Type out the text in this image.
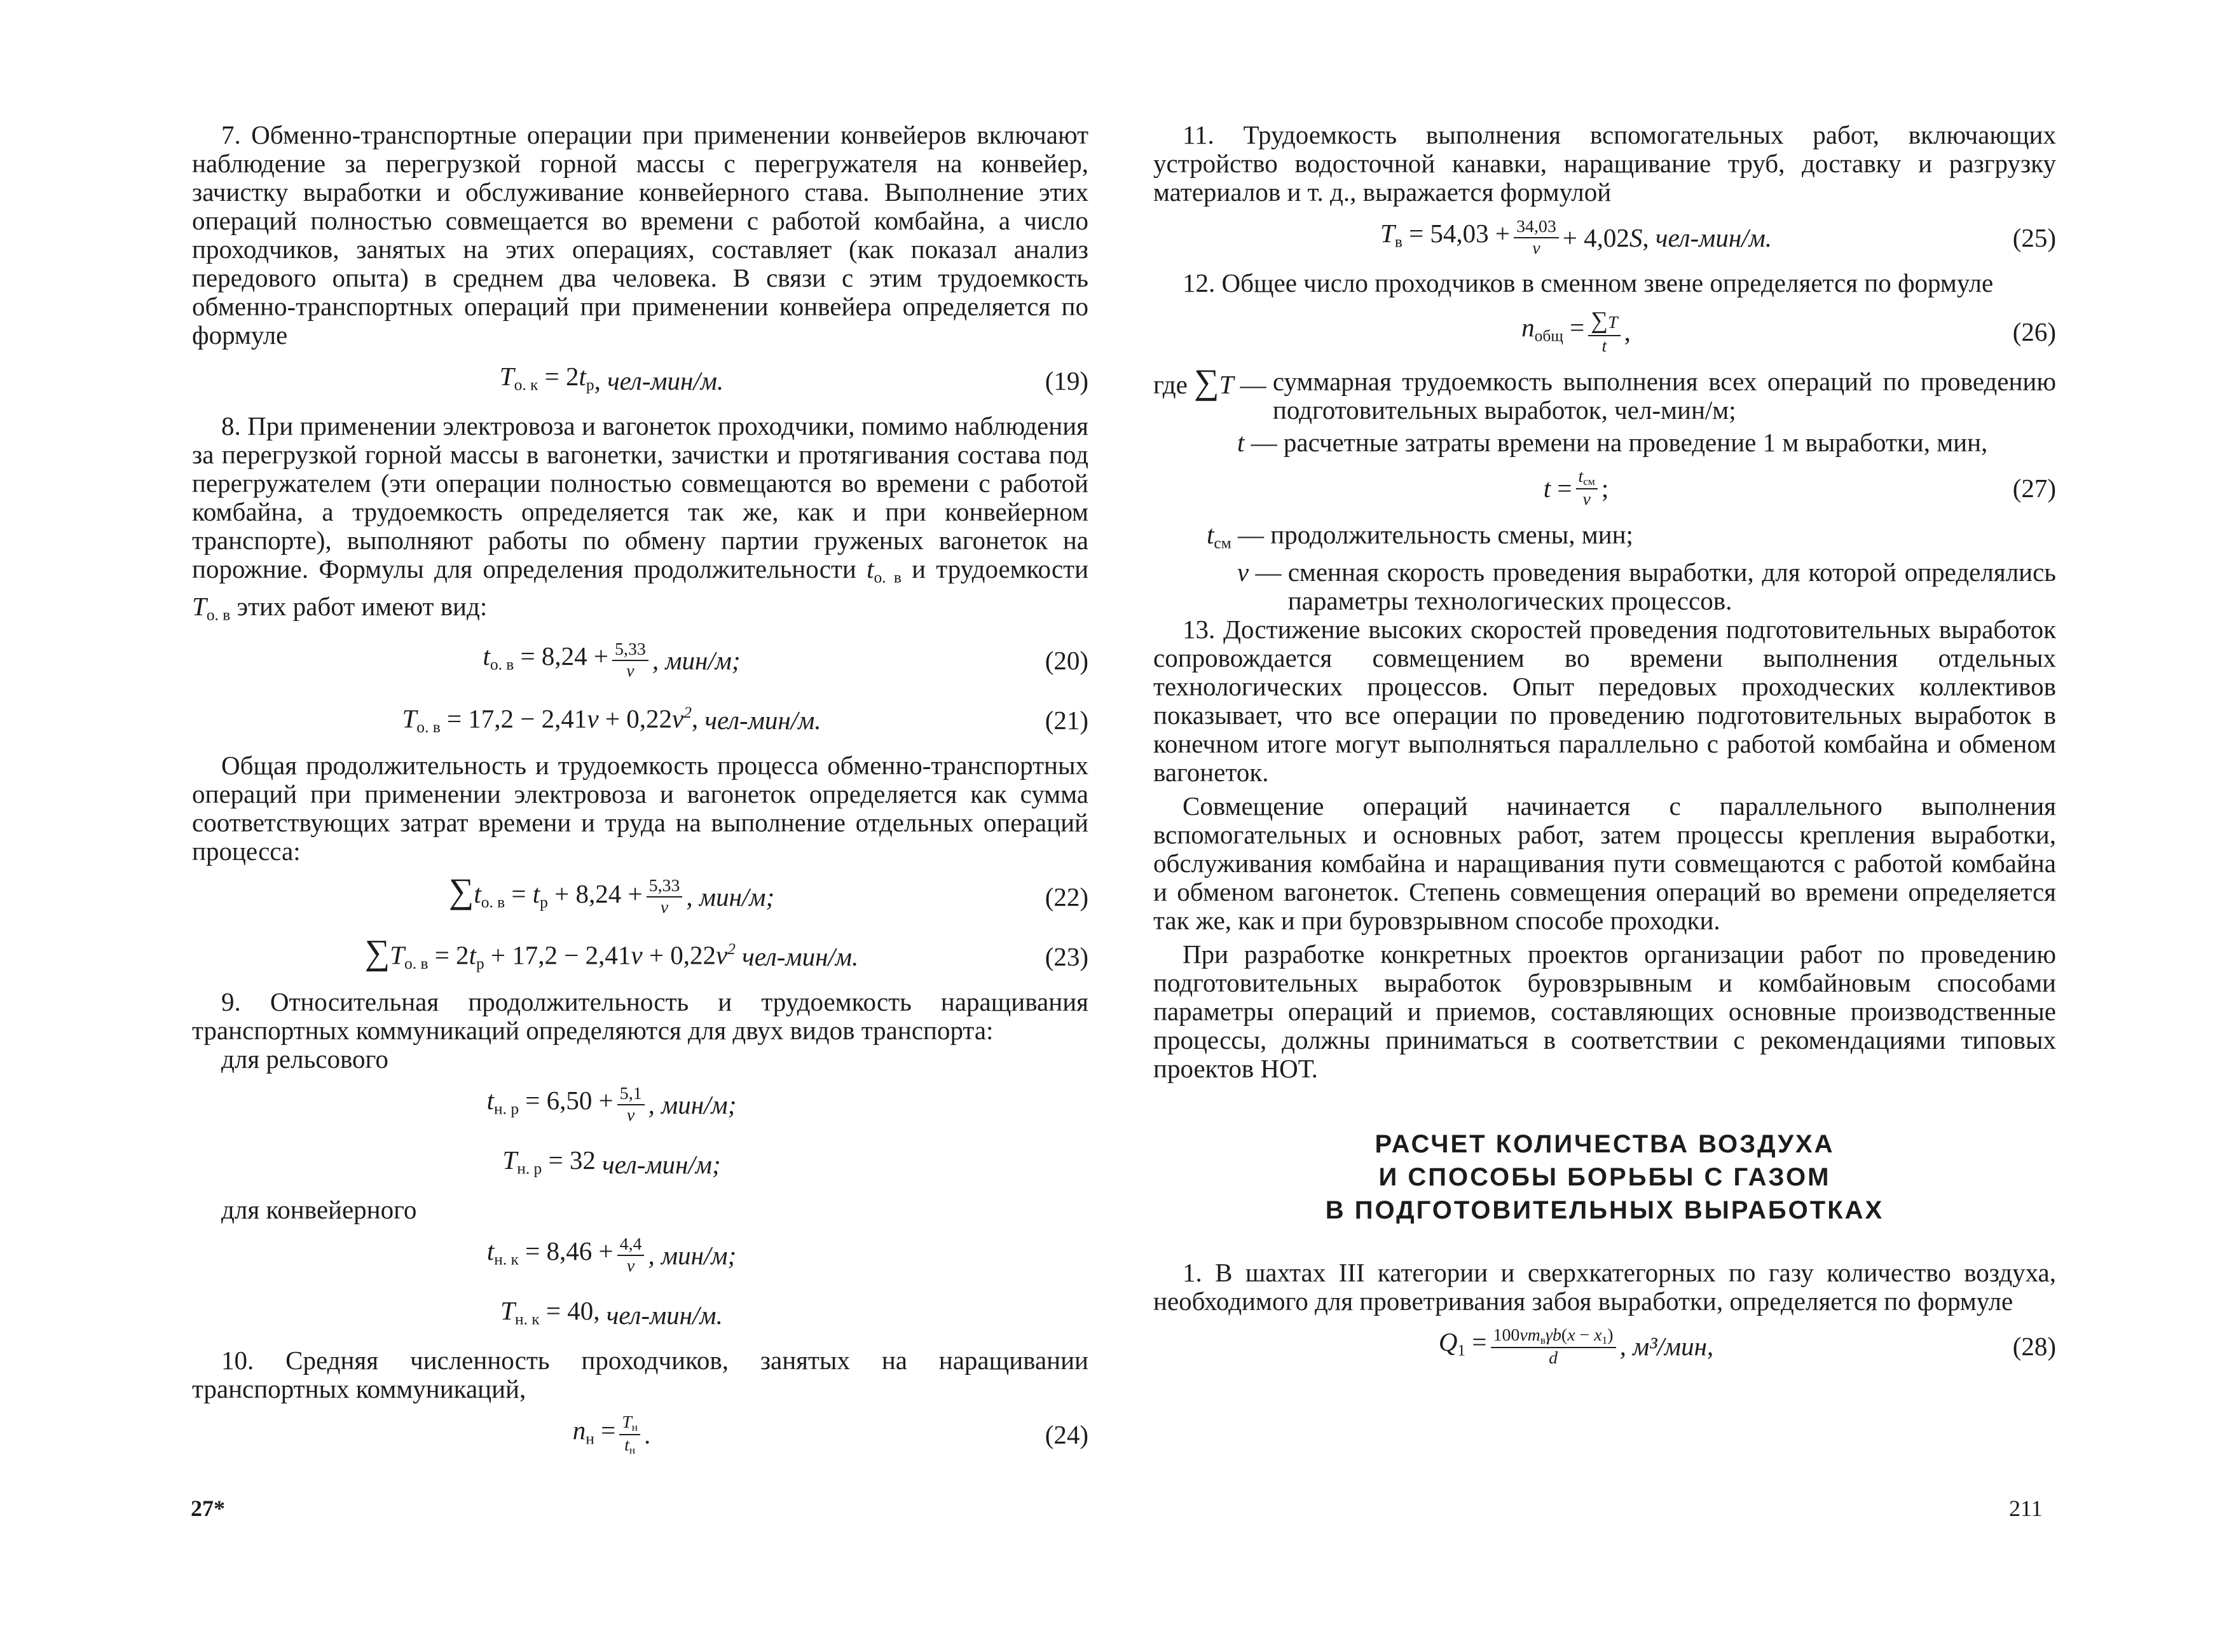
7. Обменно-транспортные операции при применении конвейеров включают наблюдение за перегрузкой горной массы с перегружателя на конвейер, зачистку выработки и обслуживание конвейерного става. Выполнение этих операций полностью совмещается во времени с работой комбайна, а число проходчиков, занятых на этих операциях, составляет (как показал анализ передового опыта) в среднем два человека. В связи с этим трудоемкость обменно-транспортных операций при применении конвейера определяется по формуле

$T_{о. к} = 2t_р$ , чел-мин/м.	(19)

8. При применении электровоза и вагонеток проходчики, помимо наблюдения за перегрузкой горной массы в вагонетки, зачистки и протягивания состава под перегружателем (эти операции полностью совмещаются во времени с работой комбайна, а трудоемкость определяется так же, как и при конвейерном транспорте), выполняют работы по обмену партии груженых вагонеток на порожние. Формулы для определения продолжительности $t_{о. в}$ и трудоемкости $T_{о. в}$ этих работ имеют вид:

$t_{о. в} = 8,24 + \frac{5,33}{v}$ , мин/м;	(20)
$T_{о. в} = 17,2 - 2,41v + 0,22v^2$, чел-мин/м.	(21)

Общая продолжительность и трудоемкость процесса обменно-транспортных операций при применении электровоза и вагонеток определяется как сумма соответствующих затрат времени и труда на выполнение отдельных операций процесса:

$\sum t_{о. в} = t_р + 8,24 + \frac{5,33}{v}$ , мин/м;	(22)
$\sum T_{о. в} = 2t_р + 17,2 - 2,41v + 0,22v^2$ чел-мин/м.	(23)

9. Относительная продолжительность и трудоемкость наращивания транспортных коммуникаций определяются для двух видов транспорта:

для рельсового

$t_{н. р} = 6,50 + \frac{5,1}{v}$ , мин/м;
$T_{н. р} = 32$ чел-мин/м;

для конвейерного

$t_{н. к} = 8,46 + \frac{4,4}{v}$ , мин/м;
$T_{н. к} = 40$, чел-мин/м.

10. Средняя численность проходчиков, занятых на наращивании транспортных коммуникаций,

$n_н = \frac{T_н}{t_н}$ .	(24)
27*

11. Трудоемкость выполнения вспомогательных работ, включающих устройство водосточной канавки, наращивание труб, доставку и разгрузку материалов и т. д., выражается формулой

$T_в = 54,03 + \frac{34,03}{v} + 4,02S$, чел-мин/м.	(25)

12. Общее число проходчиков в сменном звене определяется по формуле

$n_{общ} = \frac{\sum T}{t}$ ,	(26)
где ∑T — суммарная трудоемкость выполнения всех операций по проведению подготовительных выработок, чел-мин/м;
t — расчетные затраты времени на проведение 1 м выработки, мин,
$t = \frac{t_{см}}{v}$ ;	(27)
$t_{см}$ — продолжительность смены, мин;
v — сменная скорость проведения выработки, для которой определялись параметры технологических процессов.

13. Достижение высоких скоростей проведения подготовительных выработок сопровождается совмещением во времени выполнения отдельных технологических процессов. Опыт передовых проходческих коллективов показывает, что все операции по проведению подготовительных выработок в конечном итоге могут выполняться параллельно с работой комбайна и обменом вагонеток.

Совмещение операций начинается с параллельного выполнения вспомогательных и основных работ, затем процессы крепления выработки, обслуживания комбайна и наращивания пути совмещаются с работой комбайна и обменом вагонеток. Степень совмещения операций во времени определяется так же, как и при буровзрывном способе проходки.

При разработке конкретных проектов организации работ по проведению подготовительных выработок буровзрывным и комбайновым способами параметры операций и приемов, составляющих основные производственные процессы, должны приниматься в соответствии с рекомендациями типовых проектов НОТ.

РАСЧЕТ КОЛИЧЕСТВА ВОЗДУХА
И СПОСОБЫ БОРЬБЫ С ГАЗОМ
В ПОДГОТОВИТЕЛЬНЫХ ВЫРАБОТКАХ

1. В шахтах III категории и сверхкатегорных по газу количество воздуха, необходимого для проветривания забоя выработки, определяется по формуле

$Q_1 = \frac{100vm_в\gamma b(x - x_1)}{d}$ , м³/мин,	(28)
211
